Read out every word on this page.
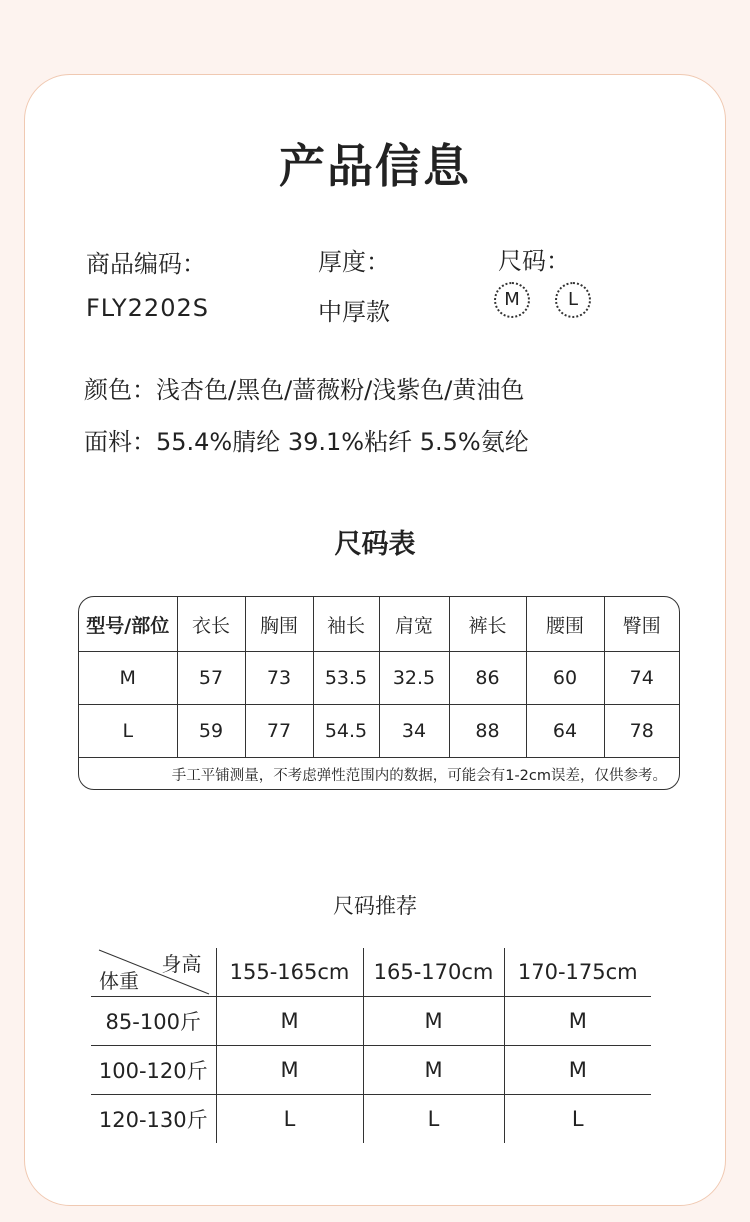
产品信息
商品编码：
FLY2202S
厚度：
中厚款
尺码：
M	L
颜色：浅杏色/黑色/蔷薇粉/浅紫色/黄油色
面料：55.4%腈纶 39.1%粘纤 5.5%氨纶
尺码表
型号/部位	衣长	胸围	袖长	肩宽	裤长	腰围	臀围
M	57	73	53.5	32.5	86	60	74
L	59	77	54.5	34	88	64	78
手工平铺测量，不考虑弹性范围内的数据，可能会有1-2cm误差，仅供参考。
尺码推荐
身高
体重	155-165cm	165-170cm	170-175cm
85-100斤	M	M	M
100-120斤	M	M	M
120-130斤	L	L	L
